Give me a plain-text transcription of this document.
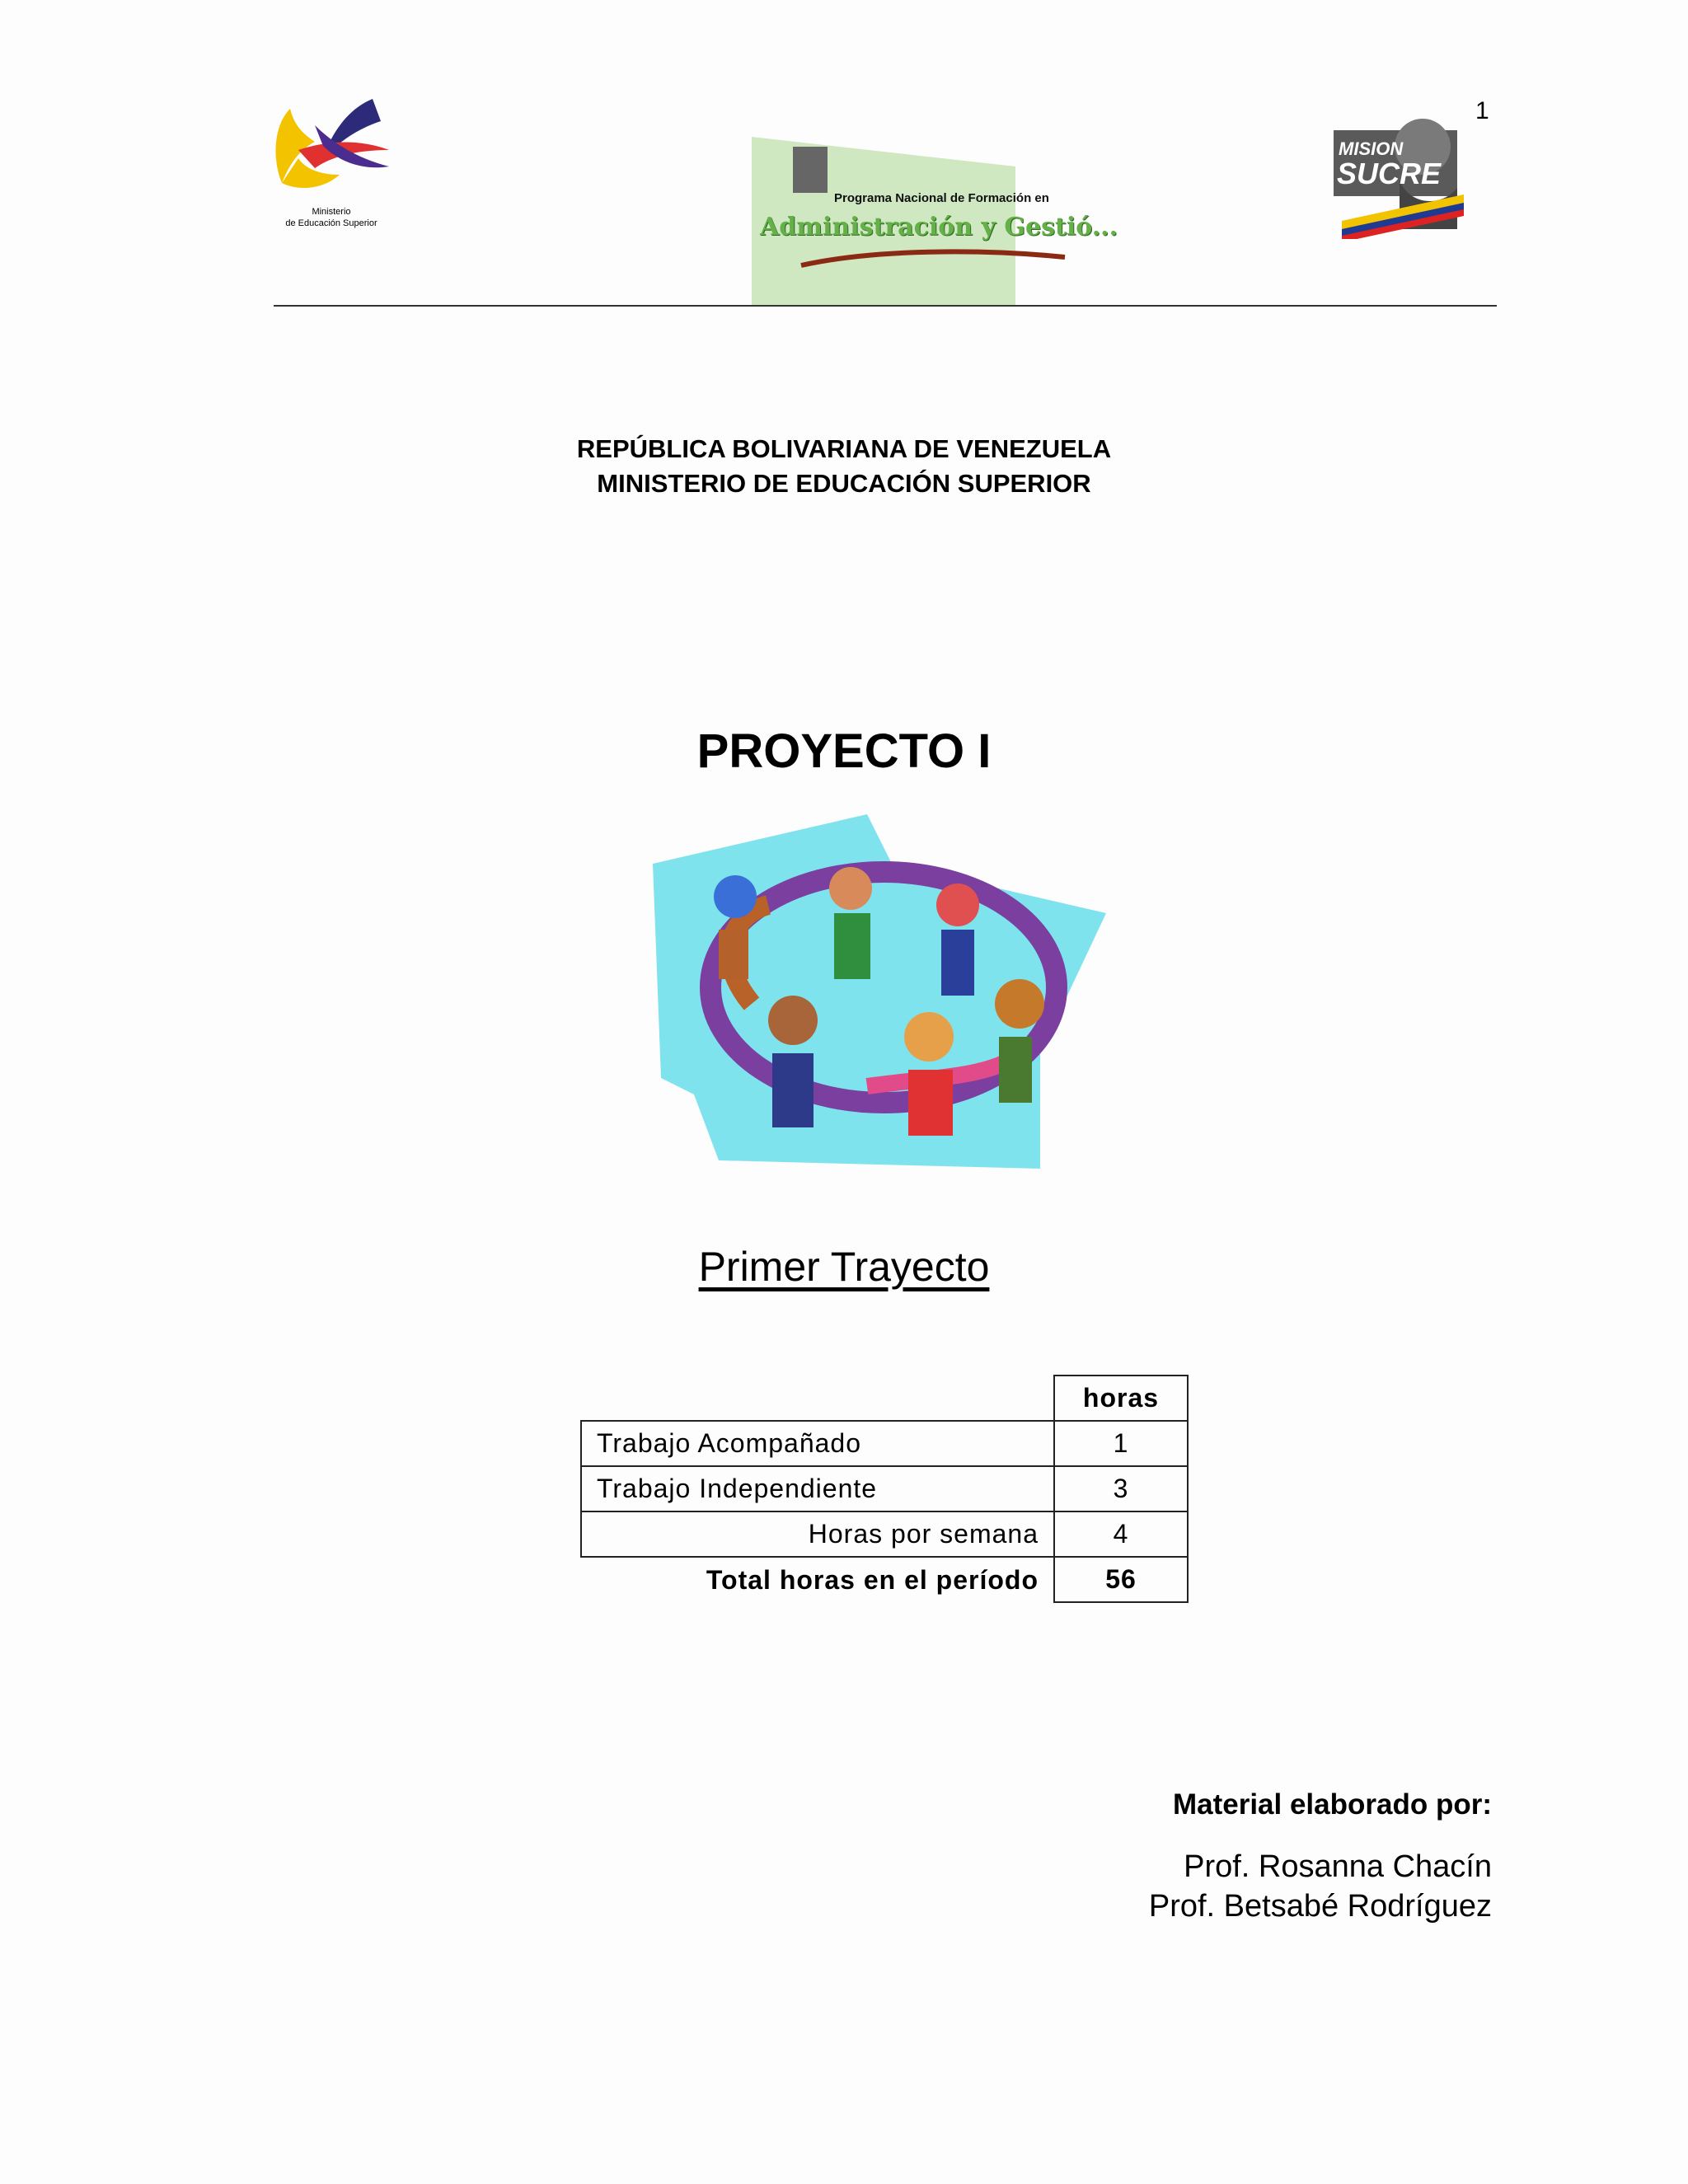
1
Ministerio
de Educación Superior
Programa Nacional de Formación en
Administración y Gestió...
MISION
SUCRE
REPÚBLICA BOLIVARIANA DE VENEZUELA
MINISTERIO DE EDUCACIÓN SUPERIOR
PROYECTO I
Primer Trayecto
	horas
Trabajo Acompañado	1
Trabajo Independiente	3
Horas por semana	4
Total horas en el período	56
Material elaborado por:
Prof. Rosanna Chacín
Prof. Betsabé Rodríguez
